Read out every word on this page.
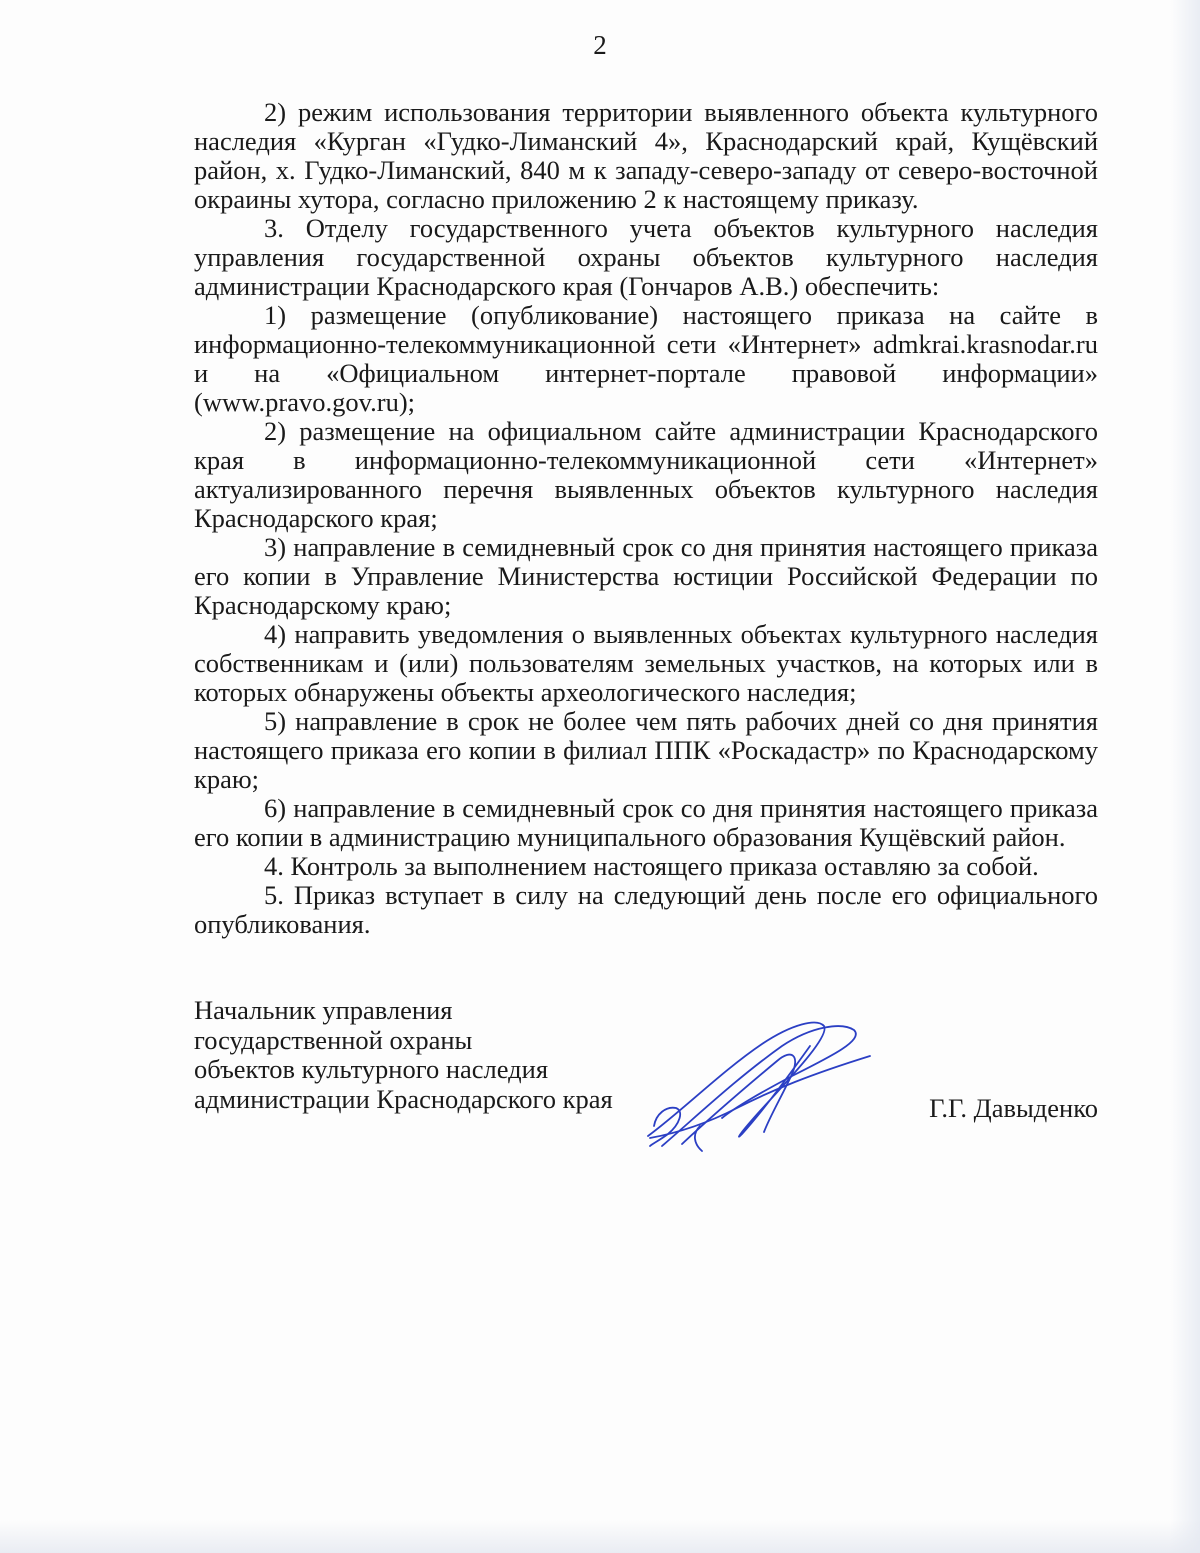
2

2) режим использования территории выявленного объекта культурного наследия «Курган «Гудко-Лиманский 4», Краснодарский край, Кущёвский район, х. Гудко-Лиманский, 840 м к западу-северо-западу от северо-восточной окраины хутора, согласно приложению 2 к настоящему приказу.

3. Отделу государственного учета объектов культурного наследия управления государственной охраны объектов культурного наследия администрации Краснодарского края (Гончаров А.В.) обеспечить:

1) размещение (опубликование) настоящего приказа на сайте в информационно-телекоммуникационной сети «Интернет» admkrai.krasnodar.ru и на «Официальном интернет-портале правовой информации» (www.pravo.gov.ru);

2) размещение на официальном сайте администрации Краснодарского края в информационно-телекоммуникационной сети «Интернет» актуализированного перечня выявленных объектов культурного наследия Краснодарского края;

3) направление в семидневный срок со дня принятия настоящего приказа его копии в Управление Министерства юстиции Российской Федерации по Краснодарскому краю;

4) направить уведомления о выявленных объектах культурного наследия собственникам и (или) пользователям земельных участков, на которых или в которых обнаружены объекты археологического наследия;

5) направление в срок не более чем пять рабочих дней со дня принятия настоящего приказа его копии в филиал ППК «Роскадастр» по Краснодарскому краю;

6) направление в семидневный срок со дня принятия настоящего приказа его копии в администрацию муниципального образования Кущёвский район.

4. Контроль за выполнением настоящего приказа оставляю за собой.

5. Приказ вступает в силу на следующий день после его официального опубликования.

Начальник управления
государственной охраны
объектов культурного наследия
администрации Краснодарского края	Г.Г. Давыденко
